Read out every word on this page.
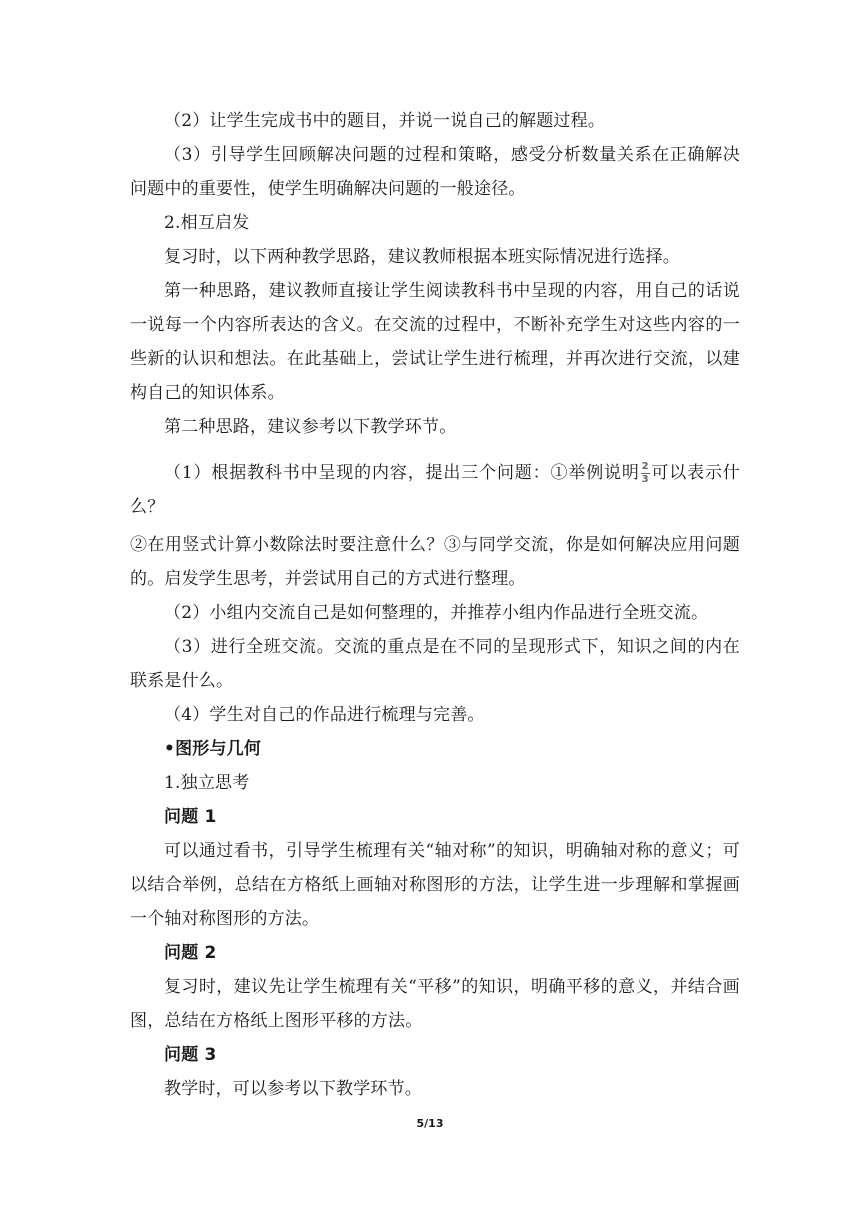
（2）让学生完成书中的题目，并说一说自己的解题过程。

（3）引导学生回顾解决问题的过程和策略，感受分析数量关系在正确解决问题中的重要性，使学生明确解决问题的一般途径。

2.相互启发

复习时，以下两种教学思路，建议教师根据本班实际情况进行选择。

第一种思路，建议教师直接让学生阅读教科书中呈现的内容，用自己的话说一说每一个内容所表达的含义。在交流的过程中，不断补充学生对这些内容的一些新的认识和想法。在此基础上，尝试让学生进行梳理，并再次进行交流，以建构自己的知识体系。

第二种思路，建议参考以下教学环节。

（1）根据教科书中呈现的内容，提出三个问题：①举例说明 $\frac{2}{3}$ 可以表示什么？

②在用竖式计算小数除法时要注意什么？③与同学交流，你是如何解决应用问题的。启发学生思考，并尝试用自己的方式进行整理。

（2）小组内交流自己是如何整理的，并推荐小组内作品进行全班交流。

（3）进行全班交流。交流的重点是在不同的呈现形式下，知识之间的内在联系是什么。

（4）学生对自己的作品进行梳理与完善。

•图形与几何

1.独立思考

问题 1

可以通过看书，引导学生梳理有关“轴对称”的知识，明确轴对称的意义；可以结合举例，总结在方格纸上画轴对称图形的方法，让学生进一步理解和掌握画一个轴对称图形的方法。

问题 2

复习时，建议先让学生梳理有关“平移”的知识，明确平移的意义，并结合画图，总结在方格纸上图形平移的方法。

问题 3

教学时，可以参考以下教学环节。

5/13
